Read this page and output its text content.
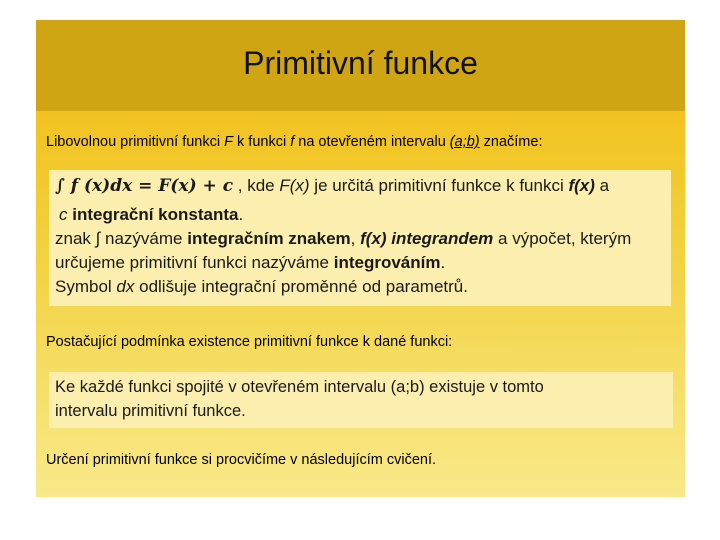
Primitivní funkce
Libovolnou primitivní funkci F k funkci f na otevřeném intervalu (a;b) značíme:
∫ f (x)dx = F(x) + c , kde F(x) je určitá primitivní funkce k funkci f(x) a
c integrační konstanta.
znak ∫ nazýváme integračním znakem, f(x) integrandem a výpočet, kterým
určujeme primitivní funkci nazýváme integrováním.
Symbol dx odlišuje integrační proměnné od parametrů.
Postačující podmínka existence primitivní funkce k dané funkci:
Ke každé funkci spojité v otevřeném intervalu (a;b) existuje v tomto
intervalu primitivní funkce.
Určení primitivní funkce si procvičíme v následujícím cvičení.
